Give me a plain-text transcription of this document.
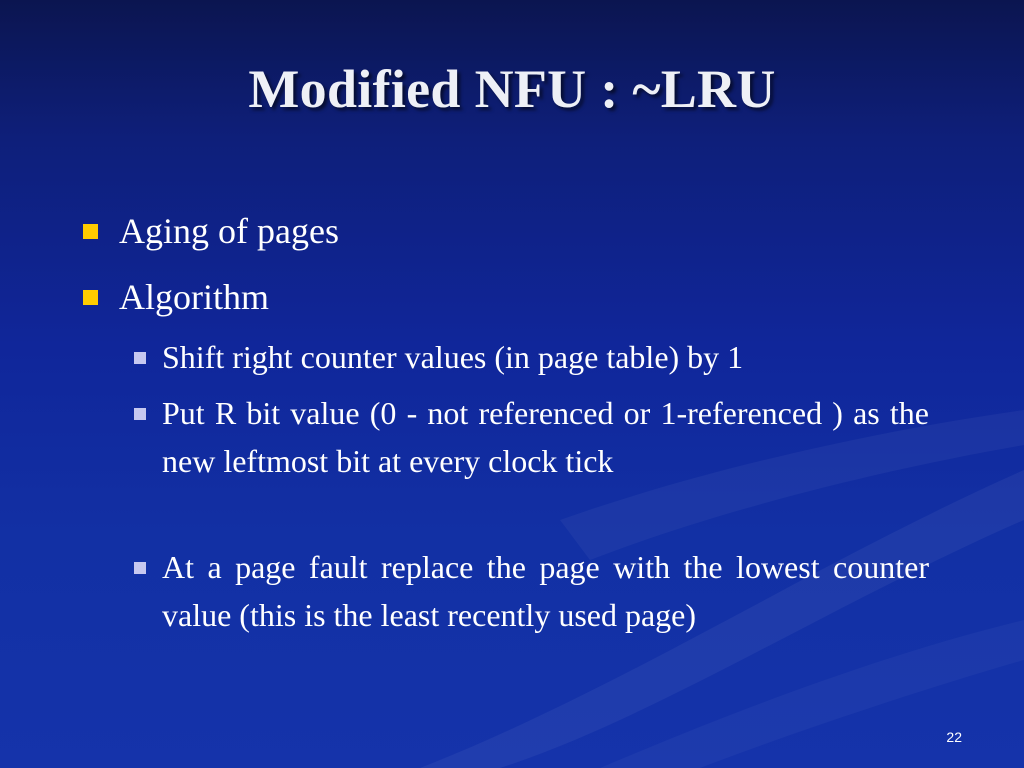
Modified NFU : ~LRU
Aging of pages
Algorithm
Shift right counter values (in page table) by 1
Put R bit value (0 - not referenced or 1-referenced ) as the new leftmost bit at every clock tick
At a page fault replace the page with the lowest counter value (this is the least recently used page)
22
